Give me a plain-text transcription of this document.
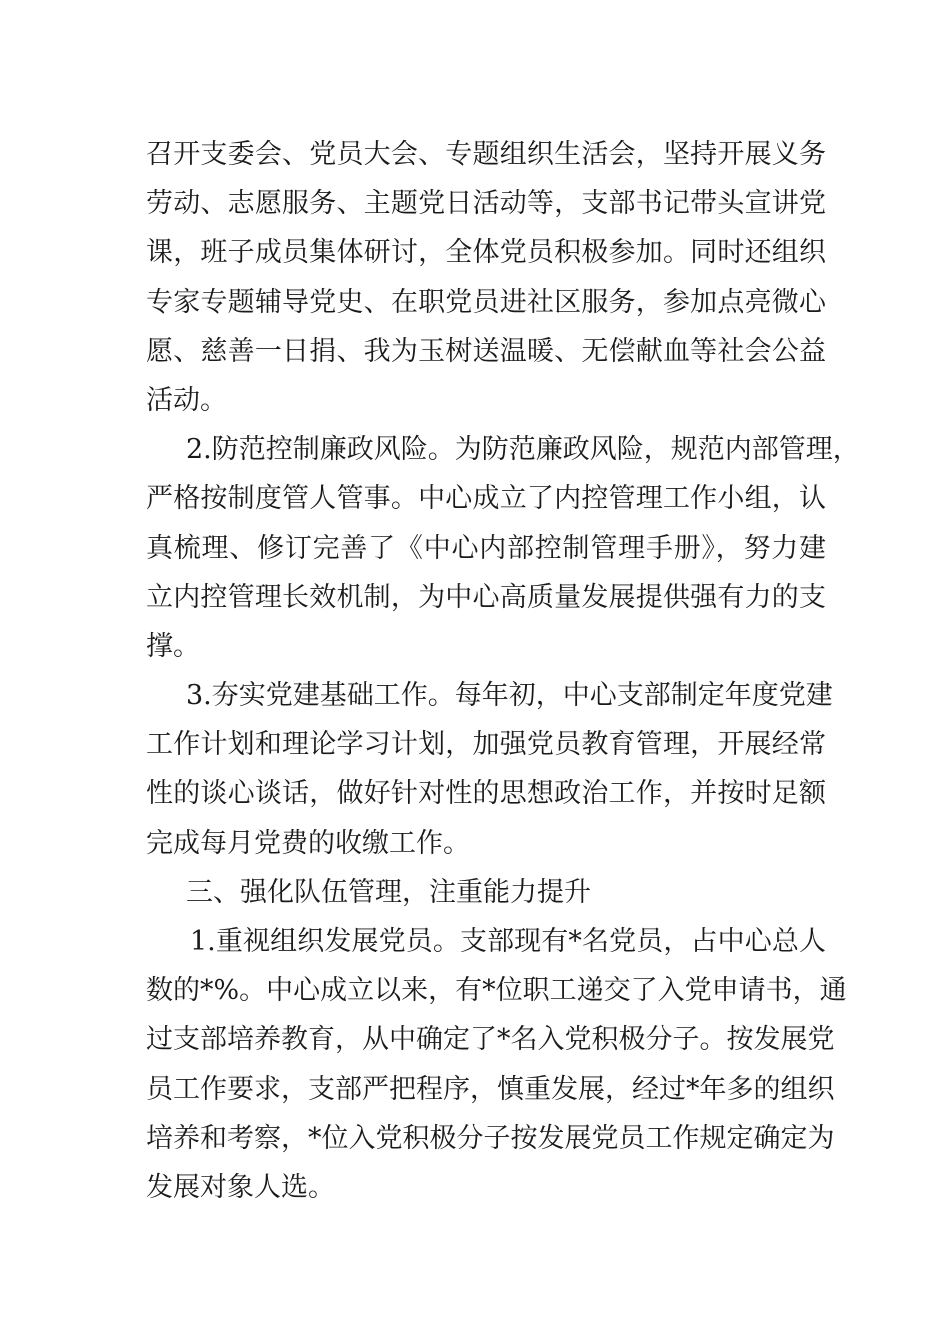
召开支委会、党员大会、专题组织生活会，坚持开展义务
劳动、志愿服务、主题党日活动等，支部书记带头宣讲党
课，班子成员集体研讨，全体党员积极参加。同时还组织
专家专题辅导党史、在职党员进社区服务，参加点亮微心
愿、慈善一日捐、我为玉树送温暖、无偿献血等社会公益
活动。
2.防范控制廉政风险。为防范廉政风险，规范内部管理，
严格按制度管人管事。中心成立了内控管理工作小组，认
真梳理、修订完善了《中心内部控制管理手册》，努力建
立内控管理长效机制，为中心高质量发展提供强有力的支
撑。
3.夯实党建基础工作。每年初，中心支部制定年度党建
工作计划和理论学习计划，加强党员教育管理，开展经常
性的谈心谈话，做好针对性的思想政治工作，并按时足额
完成每月党费的收缴工作。
三、强化队伍管理，注重能力提升
1.重视组织发展党员。支部现有*名党员，占中心总人
数的*%。中心成立以来，有*位职工递交了入党申请书，通
过支部培养教育，从中确定了*名入党积极分子。按发展党
员工作要求，支部严把程序，慎重发展，经过*年多的组织
培养和考察，*位入党积极分子按发展党员工作规定确定为
发展对象人选。
